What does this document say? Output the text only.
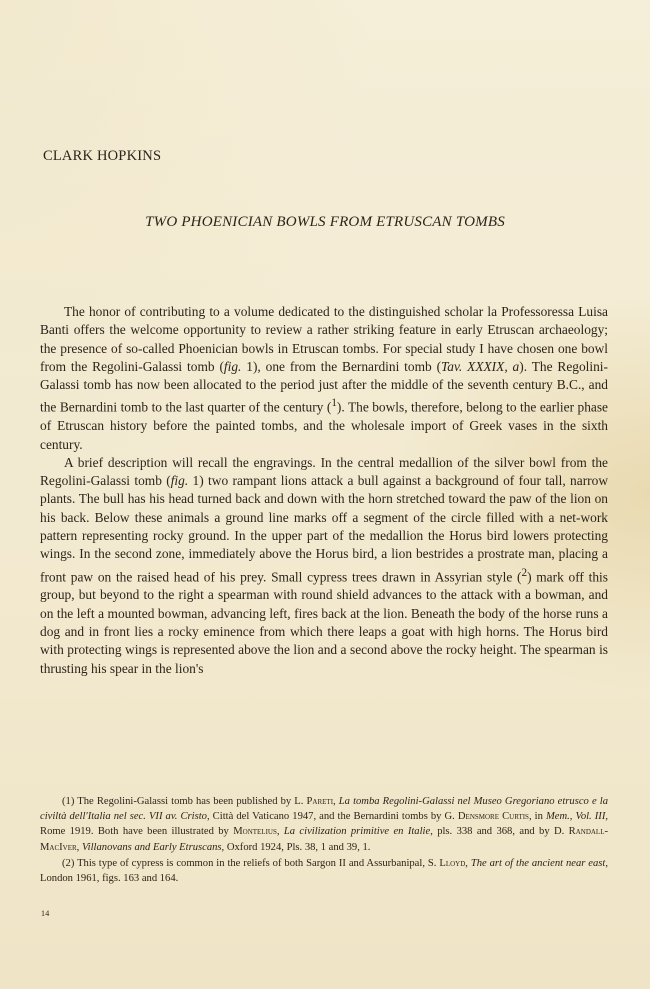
CLARK HOPKINS
TWO PHOENICIAN BOWLS FROM ETRUSCAN TOMBS

The honor of contributing to a volume dedicated to the distinguished scholar la Professoressa Luisa Banti offers the welcome opportunity to review a rather striking feature in early Etruscan archaeology; the presence of so-called Phoenician bowls in Etruscan tombs. For special study I have chosen one bowl from the Regolini-Galassi tomb (fig. 1), one from the Bernardini tomb (Tav. XXXIX, a). The Regolini-Galassi tomb has now been allocated to the period just after the middle of the seventh century B.C., and the Bernardini tomb to the last quarter of the century ($^1$). The bowls, therefore, belong to the earlier phase of Etruscan history before the painted tombs, and the wholesale import of Greek vases in the sixth century.

A brief description will recall the engravings. In the central medallion of the silver bowl from the Regolini-Galassi tomb (fig. 1) two rampant lions attack a bull against a background of four tall, narrow plants. The bull has his head turned back and down with the horn stretched toward the paw of the lion on his back. Below these animals a ground line marks off a segment of the circle filled with a net-work pattern representing rocky ground. In the upper part of the medallion the Horus bird lowers protecting wings. In the second zone, immediately above the Horus bird, a lion bestrides a prostrate man, placing a front paw on the raised head of his prey. Small cypress trees drawn in Assyrian style ($^2$) mark off this group, but beyond to the right a spearman with round shield advances to the attack with a bowman, and on the left a mounted bowman, advancing left, fires back at the lion. Beneath the body of the horse runs a dog and in front lies a rocky eminence from which there leaps a goat with high horns. The Horus bird with protecting wings is represented above the lion and a second above the rocky height. The spearman is thrusting his spear in the lion's

(1) The Regolini-Galassi tomb has been published by L. Pareti, La tomba Regolini-Galassi nel Museo Gregoriano etrusco e la civiltà dell'Italia nel sec. VII av. Cristo, Città del Vaticano 1947, and the Bernardini tombs by G. Densmore Curtis, in Mem., Vol. III, Rome 1919. Both have been illustrated by Montelius, La civilization primitive en Italie, pls. 338 and 368, and by D. Randall-MacIver, Villanovans and Early Etruscans, Oxford 1924, Pls. 38, 1 and 39, 1.

(2) This type of cypress is common in the reliefs of both Sargon II and Assurbanipal, S. Lloyd, The art of the ancient near east, London 1961, figs. 163 and 164.

14
